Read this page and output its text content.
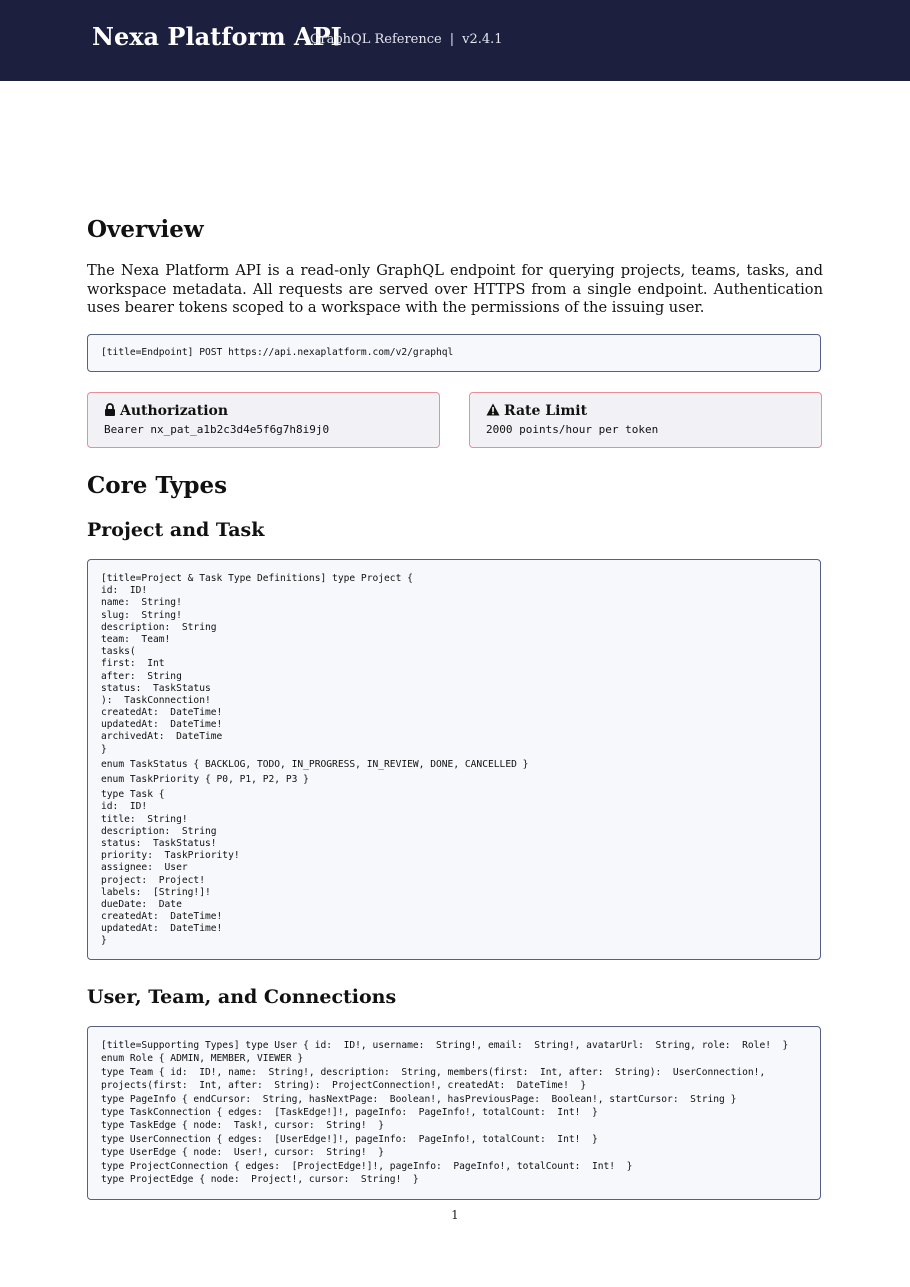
Nexa Platform API
GraphQL Reference | v2.4.1
Overview

The Nexa Platform API is a read-only GraphQL endpoint for querying projects, teams, tasks, and workspace metadata. All requests are served over HTTPS from a single endpoint. Authentication uses bearer tokens scoped to a workspace with the permissions of the issuing user.

[title=Endpoint] POST https://api.nexaplatform.com/v2/graphql
Authorization
Bearer nx_pat_a1b2c3d4e5f6g7h8i9j0
Rate Limit
2000 points/hour per token
Core Types
Project and Task
[title=Project & Task Type Definitions] type Project {
id:  ID!
name:  String!
slug:  String!
description:  String
team:  Team!
tasks(
first:  Int
after:  String
status:  TaskStatus
):  TaskConnection!
createdAt:  DateTime!
updatedAt:  DateTime!
archivedAt:  DateTime
}
enum TaskStatus { BACKLOG, TODO, IN_PROGRESS, IN_REVIEW, DONE, CANCELLED }
enum TaskPriority { P0, P1, P2, P3 }
type Task {
id:  ID!
title:  String!
description:  String
status:  TaskStatus!
priority:  TaskPriority!
assignee:  User
project:  Project!
labels:  [String!]!
dueDate:  Date
createdAt:  DateTime!
updatedAt:  DateTime!
}
User, Team, and Connections
[title=Supporting Types] type User { id:  ID!, username:  String!, email:  String!, avatarUrl:  String, role:  Role!  }
enum Role { ADMIN, MEMBER, VIEWER }
type Team { id:  ID!, name:  String!, description:  String, members(first:  Int, after:  String):  UserConnection!,
projects(first:  Int, after:  String):  ProjectConnection!, createdAt:  DateTime!  }
type PageInfo { endCursor:  String, hasNextPage:  Boolean!, hasPreviousPage:  Boolean!, startCursor:  String }
type TaskConnection { edges:  [TaskEdge!]!, pageInfo:  PageInfo!, totalCount:  Int!  }
type TaskEdge { node:  Task!, cursor:  String!  }
type UserConnection { edges:  [UserEdge!]!, pageInfo:  PageInfo!, totalCount:  Int!  }
type UserEdge { node:  User!, cursor:  String!  }
type ProjectConnection { edges:  [ProjectEdge!]!, pageInfo:  PageInfo!, totalCount:  Int!  }
type ProjectEdge { node:  Project!, cursor:  String!  }
1
